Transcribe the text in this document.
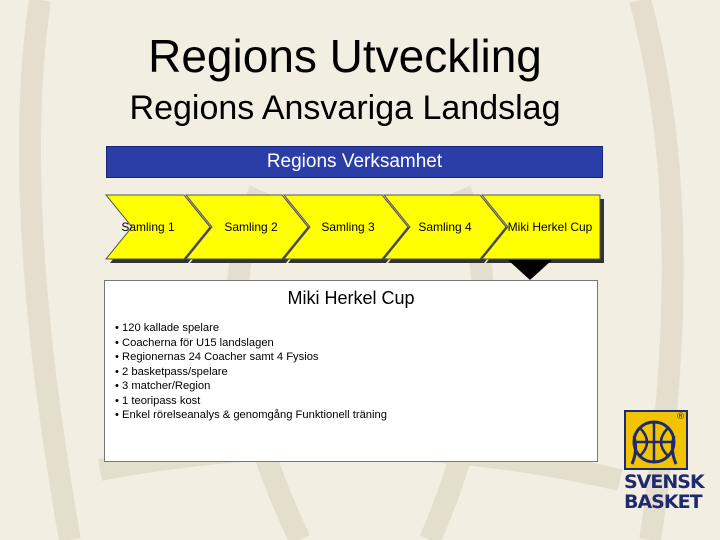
Regions Utveckling
Regions Ansvariga Landslag
Regions Verksamhet
Samling 1	Samling 2	Samling 3	Samling 4	Miki Herkel Cup
Miki Herkel Cup
• 120 kallade spelare
• Coacherna för U15 landslagen
• Regionernas 24 Coacher samt 4 Fysios
• 2 basketpass/spelare
• 3 matcher/Region
• 1 teoripass kost
• Enkel rörelseanalys & genomgång Funktionell träning	®
SVENSK
BASKET
